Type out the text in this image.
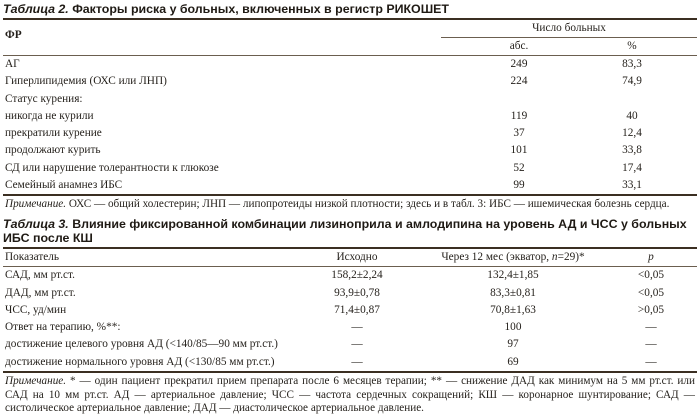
Таблица 2. Факторы риска у больных, включенных в регистр РИКОШЕТ
ФР
Число больных
абс.	%
АГ	249	83,3
Гиперлипидемия (ОХС или ЛНП)	224	74,9
Статус курения:
никогда не курили	119	40
прекратили курение	37	12,4
продолжают курить	101	33,8
СД или нарушение толерантности к глюкозе	52	17,4
Семейный анамнез ИБС	99	33,1
Примечание. ОХС — общий холестерин; ЛНП — липопротеиды низкой плотности; здесь и в табл. 3: ИБС — ишемическая болезнь сердца.
Таблица 3. Влияние фиксированной комбинации лизиноприла и амлодипина на уровень АД и ЧСС у больных ИБС после КШ
Показатель	Исходно	Через 12 мес (экватор, n=29)*	p
САД, мм рт.ст.	158,2±2,24	132,4±1,85	<0,05
ДАД, мм рт.ст.	93,9±0,78	83,3±0,81	<0,05
ЧСС, уд/мин	71,4±0,87	70,8±1,63	>0,05
Ответ на терапию, %**:	—	100	—
достижение целевого уровня АД (<140/85—90 мм рт.ст.)	—	97	—
достижение нормального уровня АД (<130/85 мм рт.ст.)	—	69	—
Примечание. * — один пациент прекратил прием препарата после 6 месяцев терапии; ** — снижение ДАД как минимум на 5 мм рт.ст. или САД на 10 мм рт.ст. АД — артериальное давление; ЧСС — частота сердечных сокращений; КШ — коронарное шунтирование; САД — систолическое артериальное давление; ДАД — диастолическое артериальное давление.
